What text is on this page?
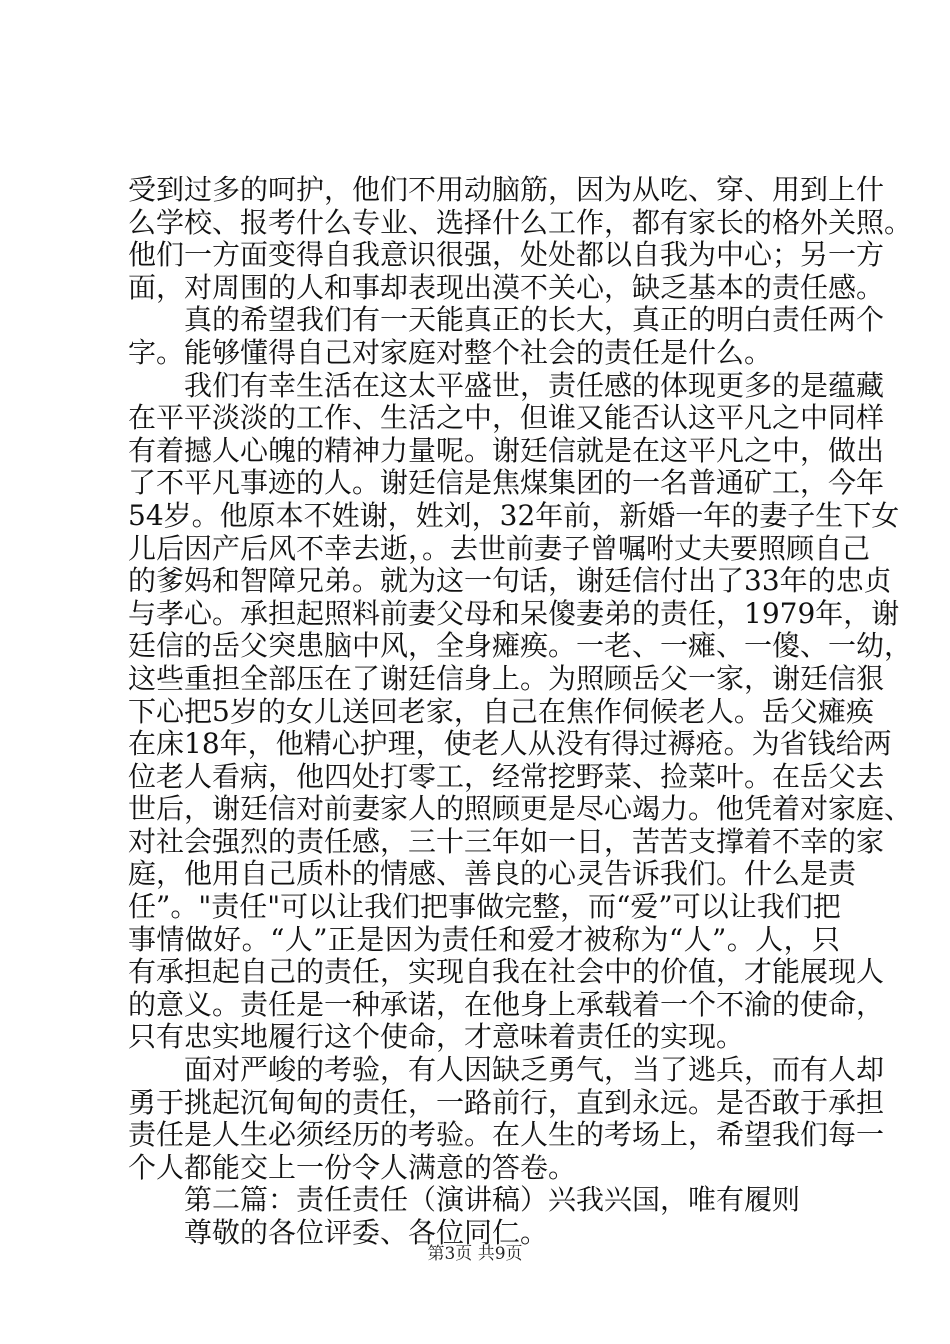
受到过多的呵护，他们不用动脑筋，因为从吃、穿、用到上什
么学校、报考什么专业、选择什么工作，都有家长的格外关照。
他们一方面变得自我意识很强，处处都以自我为中心；另一方
面，对周围的人和事却表现出漠不关心，缺乏基本的责任感。
真的希望我们有一天能真正的长大，真正的明白责任两个
字。能够懂得自己对家庭对整个社会的责任是什么。
我们有幸生活在这太平盛世，责任感的体现更多的是蕴藏
在平平淡淡的工作、生活之中，但谁又能否认这平凡之中同样
有着撼人心魄的精神力量呢。谢廷信就是在这平凡之中，做出
了不平凡事迹的人。谢廷信是焦煤集团的一名普通矿工，今年
54岁。他原本不姓谢，姓刘，32年前，新婚一年的妻子生下女
儿后因产后风不幸去逝，。去世前妻子曾嘱咐丈夫要照顾自己
的爹妈和智障兄弟。就为这一句话，谢廷信付出了33年的忠贞
与孝心。承担起照料前妻父母和呆傻妻弟的责任，1979年，谢
廷信的岳父突患脑中风，全身瘫痪。一老、一瘫、一傻、一幼，
这些重担全部压在了谢廷信身上。为照顾岳父一家，谢廷信狠
下心把5岁的女儿送回老家，自己在焦作伺候老人。岳父瘫痪
在床18年，他精心护理，使老人从没有得过褥疮。为省钱给两
位老人看病，他四处打零工，经常挖野菜、捡菜叶。在岳父去
世后，谢廷信对前妻家人的照顾更是尽心竭力。他凭着对家庭、
对社会强烈的责任感，三十三年如一日，苦苦支撑着不幸的家
庭，他用自己质朴的情感、善良的心灵告诉我们。什么是责
任”。"责任"可以让我们把事做完整，而“爱”可以让我们把
事情做好。“人”正是因为责任和爱才被称为“人”。人，只
有承担起自己的责任，实现自我在社会中的价值，才能展现人
的意义。责任是一种承诺，在他身上承载着一个不渝的使命，
只有忠实地履行这个使命，才意味着责任的实现。
面对严峻的考验，有人因缺乏勇气，当了逃兵，而有人却
勇于挑起沉甸甸的责任，一路前行，直到永远。是否敢于承担
责任是人生必须经历的考验。在人生的考场上，希望我们每一
个人都能交上一份令人满意的答卷。
第二篇：责任责任（演讲稿）兴我兴国，唯有履则
尊敬的各位评委、各位同仁。
第3页 共9页
